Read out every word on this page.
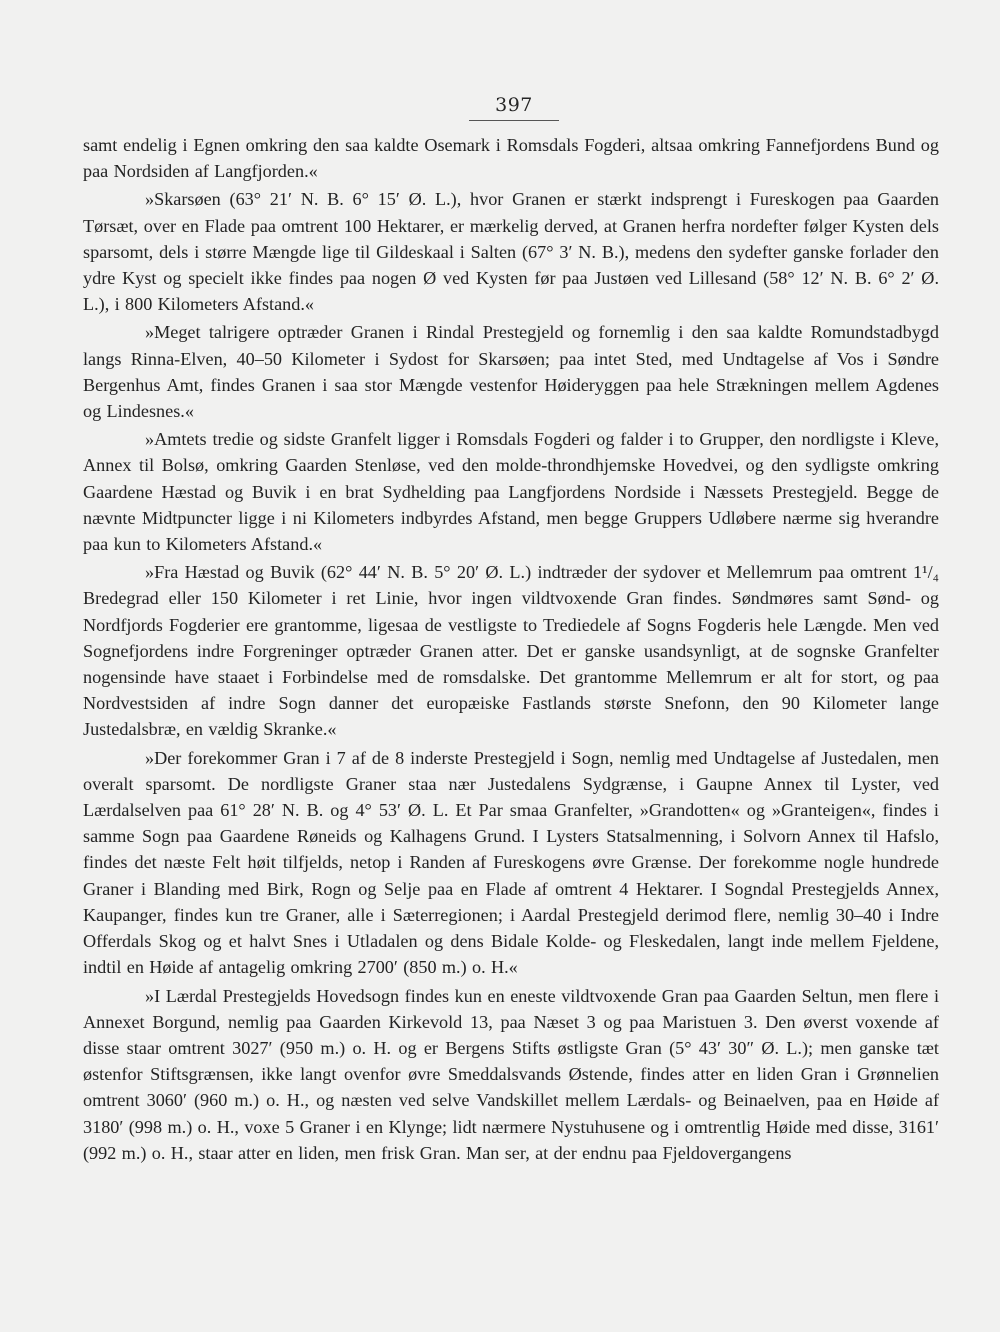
397

samt endelig i Egnen omkring den saa kaldte Osemark i Romsdals Fogderi, altsaa omkring Fannefjordens Bund og paa Nordsiden af Langfjorden.«

»Skarsøen (63° 21′ N. B. 6° 15′ Ø. L.), hvor Granen er stærkt indsprengt i Fureskogen paa Gaarden Tørsæt, over en Flade paa omtrent 100 Hektarer, er mærkelig derved, at Granen herfra nordefter følger Kysten dels sparsomt, dels i større Mængde lige til Gildeskaal i Salten (67° 3′ N. B.), medens den sydefter ganske forlader den ydre Kyst og specielt ikke findes paa nogen Ø ved Kysten før paa Justøen ved Lillesand (58° 12′ N. B. 6° 2′ Ø. L.), i 800 Kilometers Afstand.«

»Meget talrigere optræder Granen i Rindal Prestegjeld og fornemlig i den saa kaldte Romundstadbygd langs Rinna-Elven, 40–50 Kilometer i Sydost for Skarsøen; paa intet Sted, med Undtagelse af Vos i Søndre Bergenhus Amt, findes Granen i saa stor Mængde vestenfor Høideryggen paa hele Strækningen mellem Agdenes og Lindesnes.«

»Amtets tredie og sidste Granfelt ligger i Romsdals Fogderi og falder i to Grupper, den nordligste i Kleve, Annex til Bolsø, omkring Gaarden Stenløse, ved den molde-throndhjemske Hovedvei, og den sydligste omkring Gaardene Hæstad og Buvik i en brat Sydhelding paa Langfjordens Nordside i Næssets Prestegjeld. Begge de nævnte Midtpuncter ligge i ni Kilometers indbyrdes Afstand, men begge Gruppers Udløbere nærme sig hverandre paa kun to Kilometers Afstand.«

»Fra Hæstad og Buvik (62° 44′ N. B. 5° 20′ Ø. L.) indtræder der sydover et Mellemrum paa omtrent 1¹/₄ Bredegrad eller 150 Kilometer i ret Linie, hvor ingen vildtvoxende Gran findes. Søndmøres samt Sønd- og Nordfjords Fogderier ere grantomme, ligesaa de vestligste to Trediedele af Sogns Fogderis hele Længde. Men ved Sognefjordens indre Forgreninger optræder Granen atter. Det er ganske usandsynligt, at de sognske Granfelter nogensinde have staaet i Forbindelse med de romsdalske. Det grantomme Mellemrum er alt for stort, og paa Nordvestsiden af indre Sogn danner det europæiske Fastlands største Snefonn, den 90 Kilometer lange Justedalsbræ, en vældig Skranke.«

»Der forekommer Gran i 7 af de 8 inderste Prestegjeld i Sogn, nemlig med Undtagelse af Justedalen, men overalt sparsomt. De nordligste Graner staa nær Justedalens Sydgrænse, i Gaupne Annex til Lyster, ved Lærdalselven paa 61° 28′ N. B. og 4° 53′ Ø. L. Et Par smaa Granfelter, »Grandotten« og »Granteigen«, findes i samme Sogn paa Gaardene Røneids og Kalhagens Grund. I Lysters Statsalmenning, i Solvorn Annex til Hafslo, findes det næste Felt høit tilfjelds, netop i Randen af Fureskogens øvre Grænse. Der forekomme nogle hundrede Graner i Blanding med Birk, Rogn og Selje paa en Flade af omtrent 4 Hektarer. I Sogndal Prestegjelds Annex, Kaupanger, findes kun tre Graner, alle i Sæterregionen; i Aardal Prestegjeld derimod flere, nemlig 30–40 i Indre Offerdals Skog og et halvt Snes i Utladalen og dens Bidale Kolde- og Fleskedalen, langt inde mellem Fjeldene, indtil en Høide af antagelig omkring 2700′ (850 m.) o. H.«

»I Lærdal Prestegjelds Hovedsogn findes kun en eneste vildtvoxende Gran paa Gaarden Seltun, men flere i Annexet Borgund, nemlig paa Gaarden Kirkevold 13, paa Næset 3 og paa Maristuen 3. Den øverst voxende af disse staar omtrent 3027′ (950 m.) o. H. og er Bergens Stifts østligste Gran (5° 43′ 30″ Ø. L.); men ganske tæt østenfor Stiftsgrænsen, ikke langt ovenfor øvre Smeddalsvands Østende, findes atter en liden Gran i Grønnelien omtrent 3060′ (960 m.) o. H., og næsten ved selve Vandskillet mellem Lærdals- og Beinaelven, paa en Høide af 3180′ (998 m.) o. H., voxe 5 Graner i en Klynge; lidt nærmere Nystuhusene og i omtrentlig Høide med disse, 3161′ (992 m.) o. H., staar atter en liden, men frisk Gran. Man ser, at der endnu paa Fjeldovergangens
